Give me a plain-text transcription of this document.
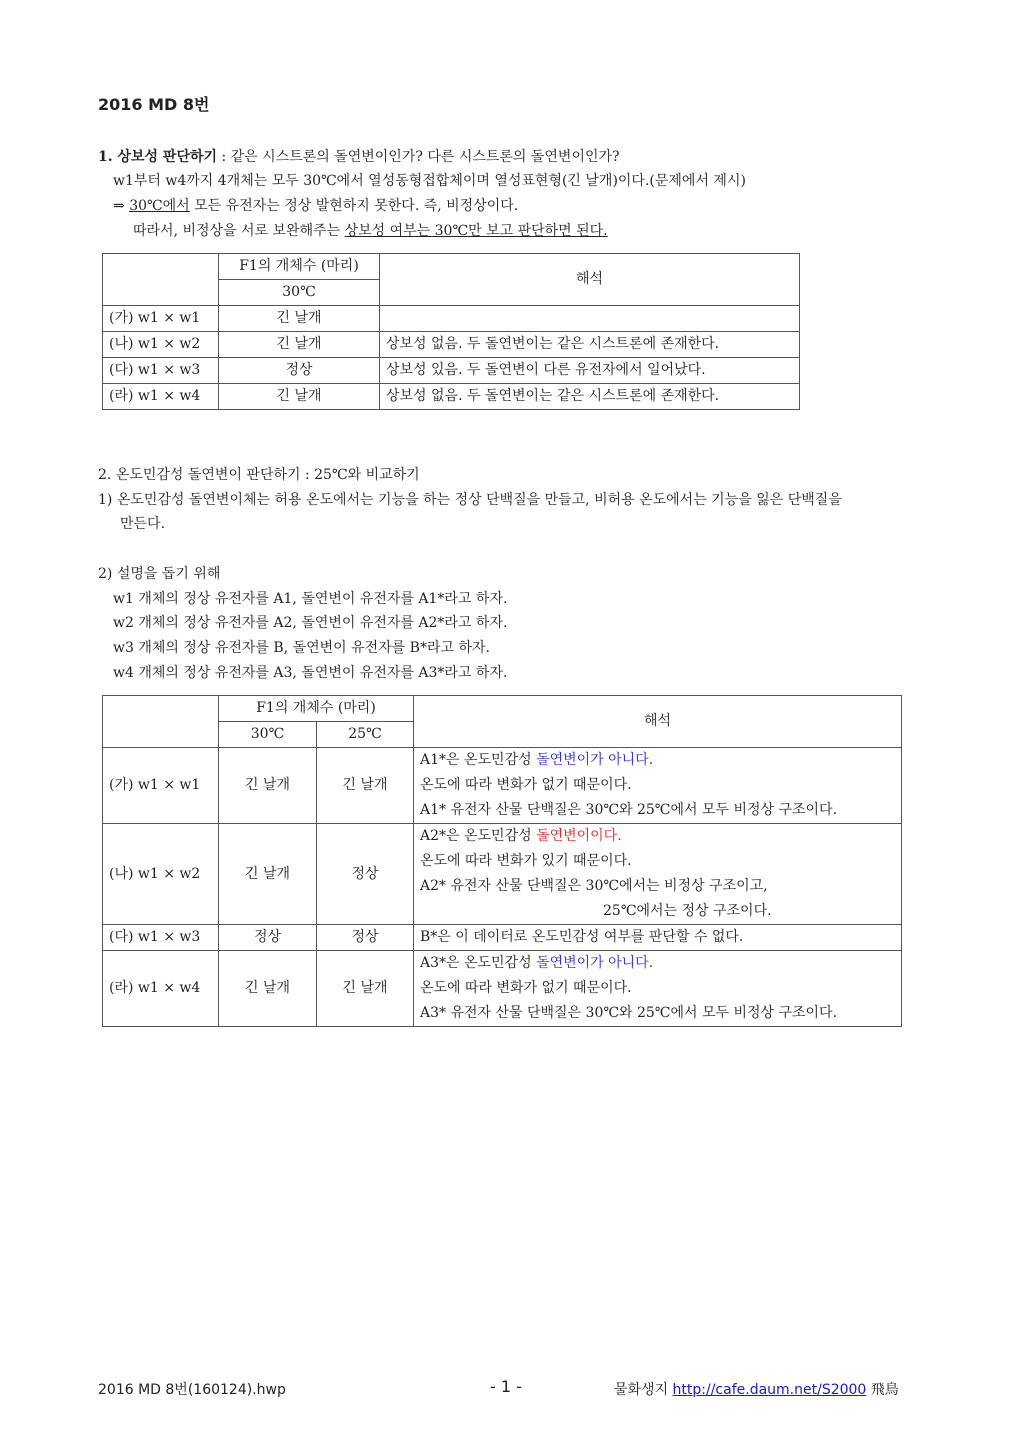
2016 MD 8번
1. 상보성 판단하기 : 같은 시스트론의 돌연변이인가? 다른 시스트론의 돌연변이인가?
w1부터 w4까지 4개체는 모두 30℃에서 열성동형접합체이며 열성표현형(긴 날개)이다.(문제에서 제시)
⇒ 30℃에서 모든 유전자는 정상 발현하지 못한다. 즉, 비정상이다.
따라서, 비정상을 서로 보완해주는 상보성 여부는 30℃만 보고 판단하면 된다.
	F1의 개체수 (마리)	해석
	30℃	
(가) w1 × w1	긴 날개	
(나) w1 × w2	긴 날개	상보성 없음. 두 돌연변이는 같은 시스트론에 존재한다.
(다) w1 × w3	정상	상보성 있음. 두 돌연변이 다른 유전자에서 일어났다.
(라) w1 × w4	긴 날개	상보성 없음. 두 돌연변이는 같은 시스트론에 존재한다.
2. 온도민감성 돌연변이 판단하기 : 25℃와 비교하기
1) 온도민감성 돌연변이체는 허용 온도에서는 기능을 하는 정상 단백질을 만들고, 비허용 온도에서는 기능을 잃은 단백질을
만든다.
2) 설명을 돕기 위해
w1 개체의 정상 유전자를 A1, 돌연변이 유전자를 A1*라고 하자.
w2 개체의 정상 유전자를 A2, 돌연변이 유전자를 A2*라고 하자.
w3 개체의 정상 유전자를 B, 돌연변이 유전자를 B*라고 하자.
w4 개체의 정상 유전자를 A3, 돌연변이 유전자를 A3*라고 하자.
	F1의 개체수 (마리)		해석
	30℃	25℃	
(가) w1 × w1	긴 날개	긴 날개	A1*은 온도민감성 돌연변이가 아니다.
온도에 따라 변화가 없기 때문이다.
A1* 유전자 산물 단백질은 30℃와 25℃에서 모두 비정상 구조이다.

(나) w1 × w2	긴 날개	정상	A2*은 온도민감성 돌연변이이다.
온도에 따라 변화가 있기 때문이다.
A2* 유전자 산물 단백질은 30℃에서는 비정상 구조이고,
25℃에서는 정상 구조이다.

(다) w1 × w3	정상	정상	B*은 이 데이터로 온도민감성 여부를 판단할 수 없다.
(라) w1 × w4	긴 날개	긴 날개	A3*은 온도민감성 돌연변이가 아니다.
온도에 따라 변화가 없기 때문이다.
A3* 유전자 산물 단백질은 30℃와 25℃에서 모두 비정상 구조이다.
2016 MD 8번(160124).hwp	- 1 -	물화생지 http://cafe.daum.net/S2000 飛鳥
